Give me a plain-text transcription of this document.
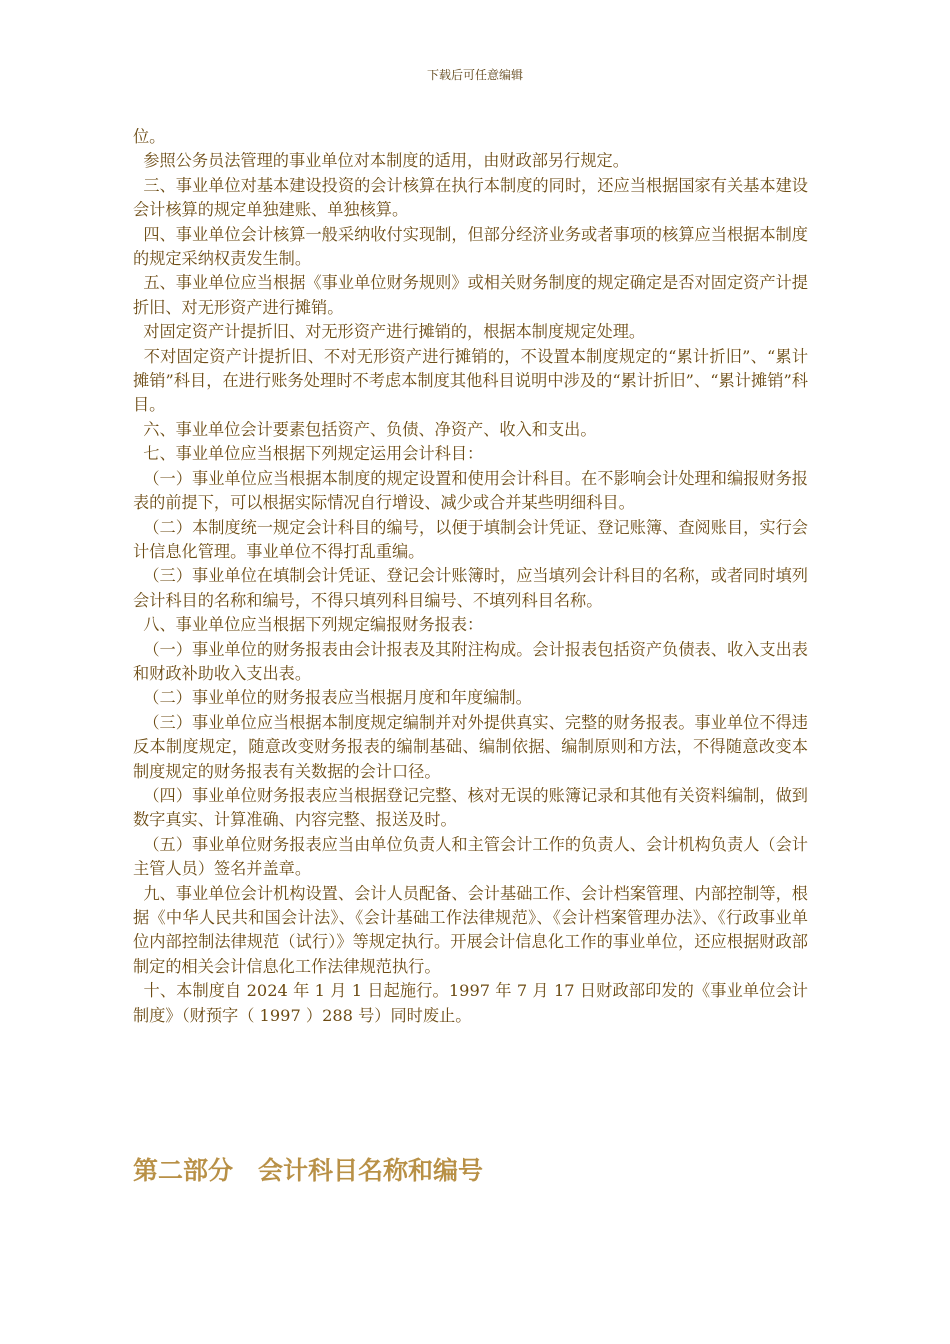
下载后可任意编辑

位。

参照公务员法管理的事业单位对本制度的适用，由财政部另行规定。

三、事业单位对基本建设投资的会计核算在执行本制度的同时，还应当根据国家有关基本建设会计核算的规定单独建账、单独核算。

四、事业单位会计核算一般采纳收付实现制，但部分经济业务或者事项的核算应当根据本制度的规定采纳权责发生制。

五、事业单位应当根据《事业单位财务规则》或相关财务制度的规定确定是否对固定资产计提折旧、对无形资产进行摊销。

对固定资产计提折旧、对无形资产进行摊销的，根据本制度规定处理。

不对固定资产计提折旧、不对无形资产进行摊销的，不设置本制度规定的“累计折旧”、“累计摊销”科目，在进行账务处理时不考虑本制度其他科目说明中涉及的“累计折旧”、“累计摊销”科目。

六、事业单位会计要素包括资产、负债、净资产、收入和支出。

七、事业单位应当根据下列规定运用会计科目：

（一）事业单位应当根据本制度的规定设置和使用会计科目。在不影响会计处理和编报财务报表的前提下，可以根据实际情况自行增设、减少或合并某些明细科目。

（二）本制度统一规定会计科目的编号，以便于填制会计凭证、登记账簿、查阅账目，实行会计信息化管理。事业单位不得打乱重编。

（三）事业单位在填制会计凭证、登记会计账簿时，应当填列会计科目的名称，或者同时填列会计科目的名称和编号，不得只填列科目编号、不填列科目名称。

八、事业单位应当根据下列规定编报财务报表：

（一）事业单位的财务报表由会计报表及其附注构成。会计报表包括资产负债表、收入支出表和财政补助收入支出表。

（二）事业单位的财务报表应当根据月度和年度编制。

（三）事业单位应当根据本制度规定编制并对外提供真实、完整的财务报表。事业单位不得违反本制度规定，随意改变财务报表的编制基础、编制依据、编制原则和方法，不得随意改变本制度规定的财务报表有关数据的会计口径。

（四）事业单位财务报表应当根据登记完整、核对无误的账簿记录和其他有关资料编制，做到数字真实、计算准确、内容完整、报送及时。

（五）事业单位财务报表应当由单位负责人和主管会计工作的负责人、会计机构负责人（会计主管人员）签名并盖章。

九、事业单位会计机构设置、会计人员配备、会计基础工作、会计档案管理、内部控制等，根据《中华人民共和国会计法》、《会计基础工作法律规范》、《会计档案管理办法》、《行政事业单位内部控制法律规范（试行）》等规定执行。开展会计信息化工作的事业单位，还应根据财政部制定的相关会计信息化工作法律规范执行。

十、本制度自 2024 年 1 月 1 日起施行。1997 年 7 月 17 日财政部印发的《事业单位会计制度》（财预字（ 1997 ）288 号）同时废止。

第二部分　会计科目名称和编号
